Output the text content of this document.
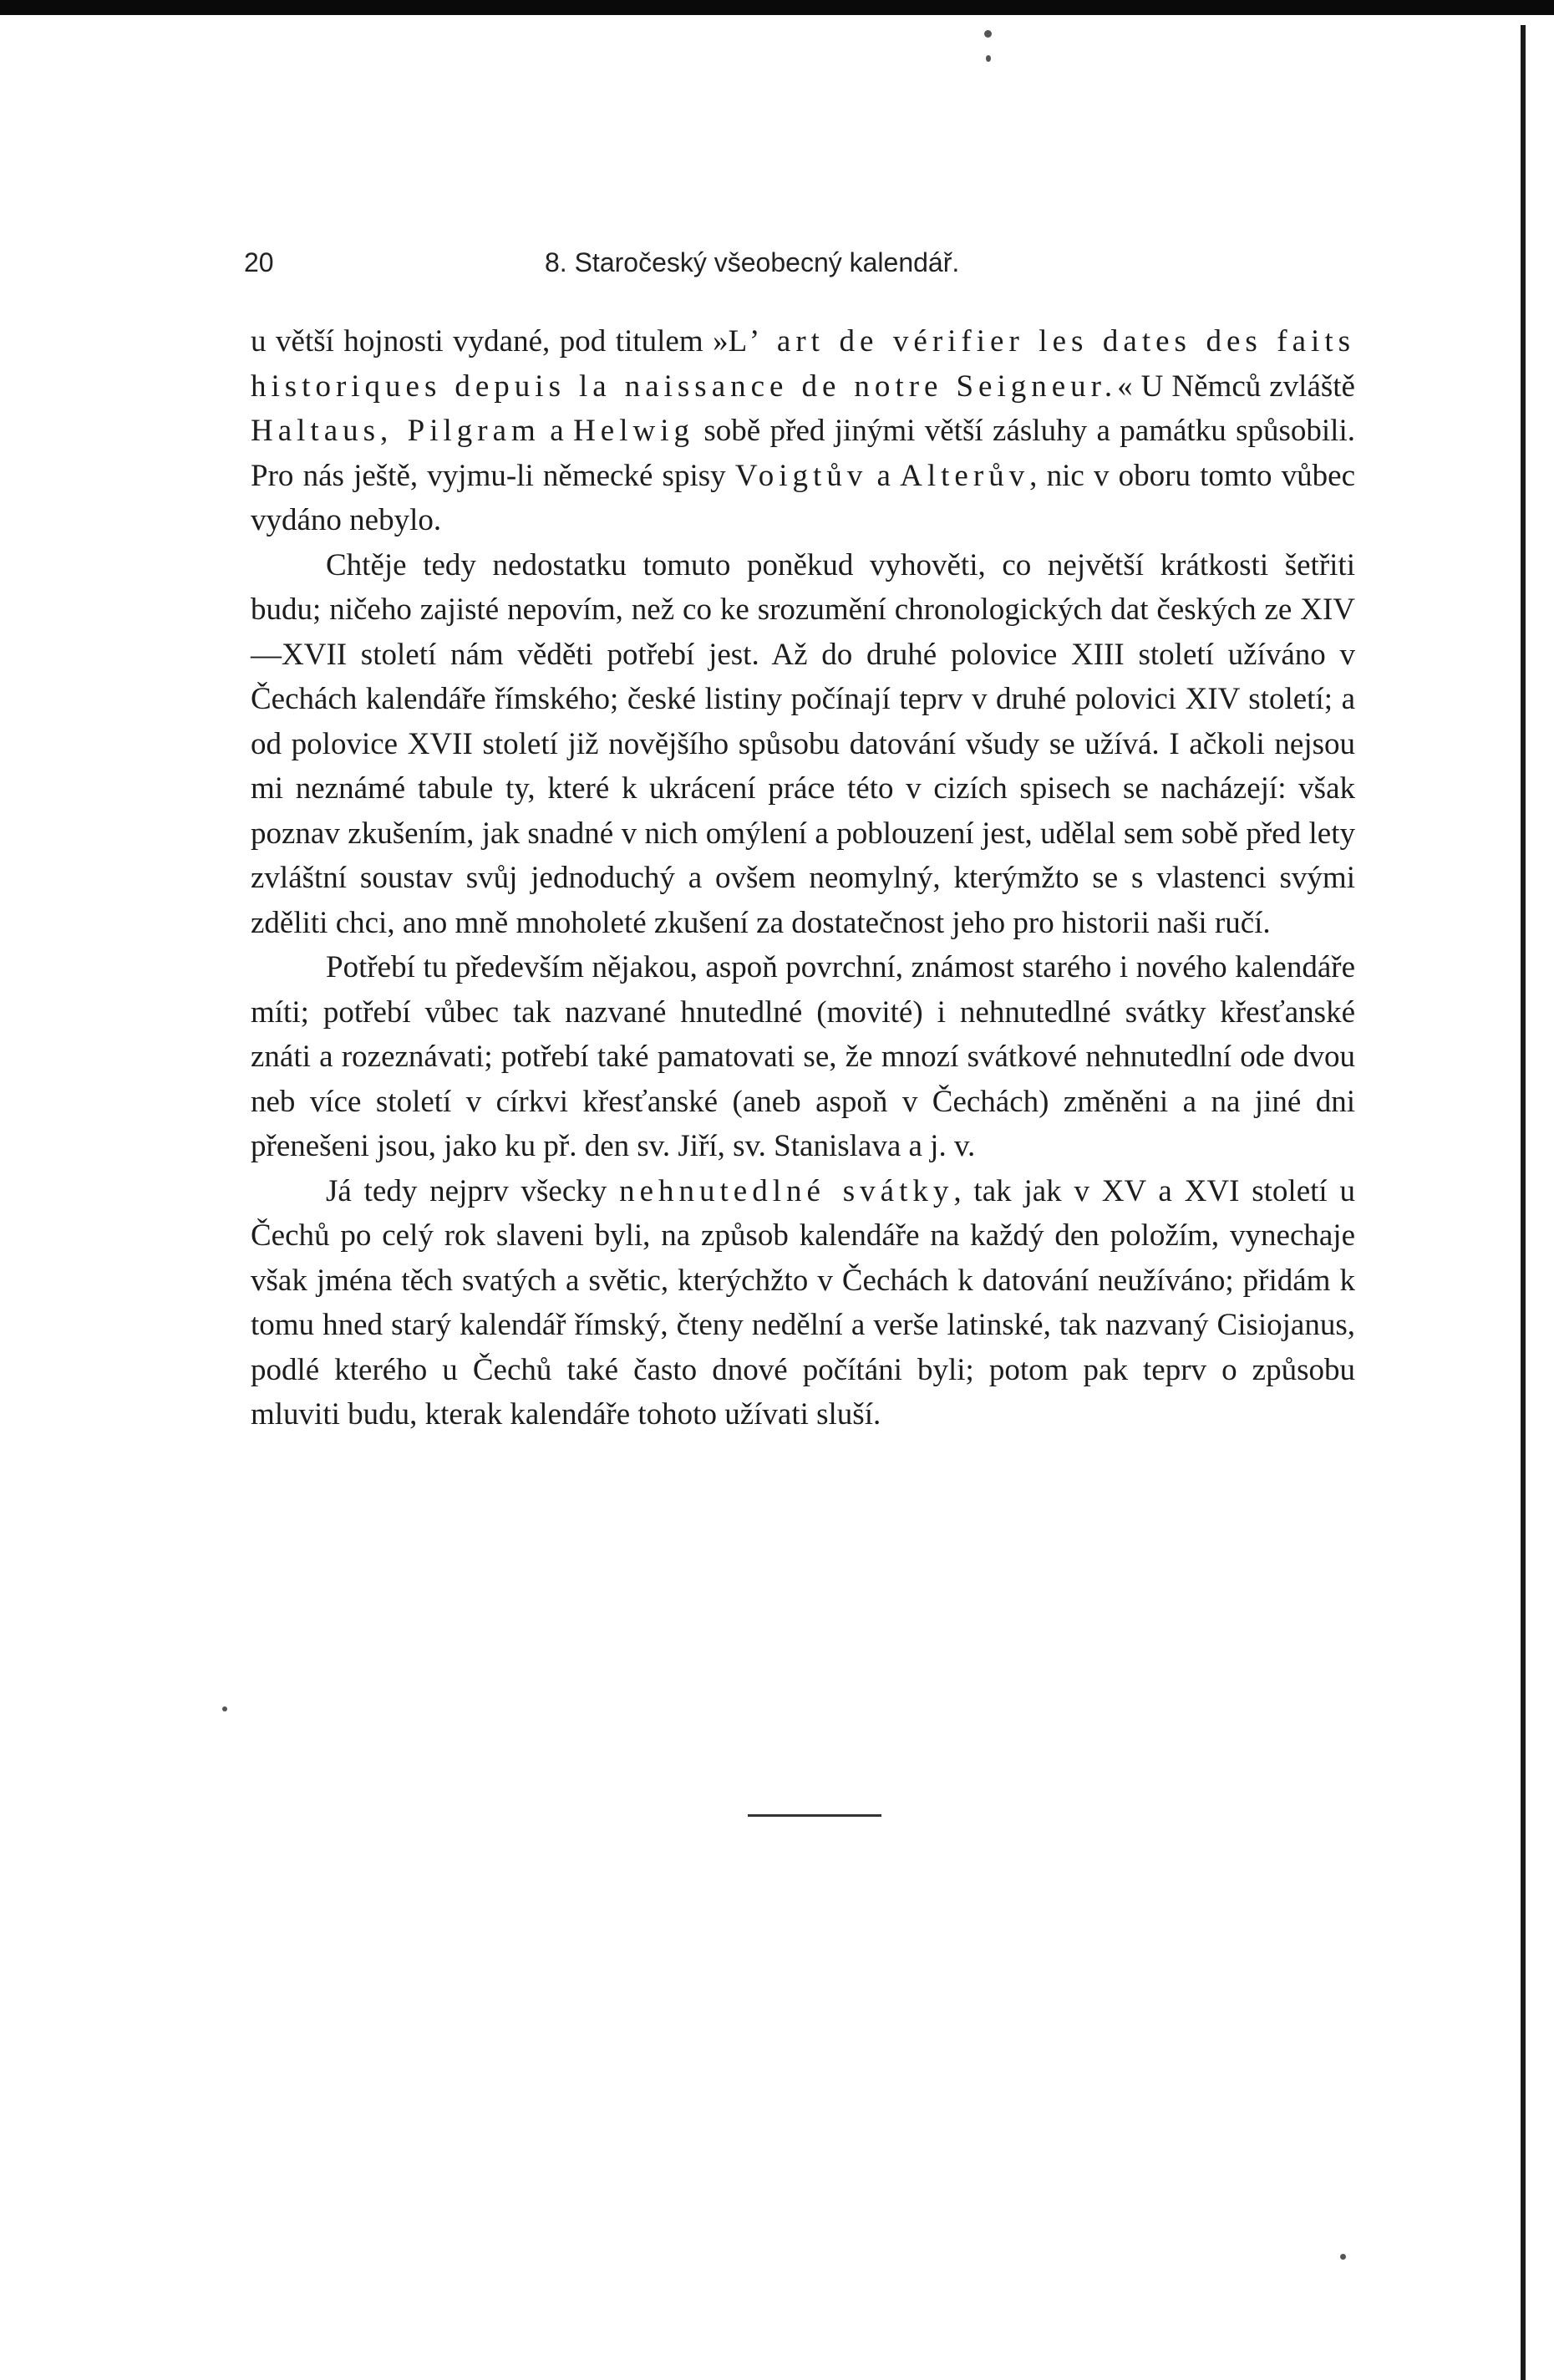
20	8. Staročeský všeobecný kalendář.

u větší hojnosti vydané, pod titulem »L’ art de vérifier les dates des faits historiques depuis la naissance de notre Seigneur.« U Němců zvláště Haltaus, Pilgram a Helwig sobě před jinými větší zásluhy a památku spůsobili. Pro nás ještě, vyjmu-li německé spisy Voigtův a Alterův, nic v oboru tomto vůbec vydáno nebylo.

Chtěje tedy nedostatku tomuto poněkud vyhověti, co největší krátkosti šetřiti budu; ničeho zajisté nepovím, než co ke srozumění chronologických dat českých ze XIV—XVII století nám věděti potřebí jest. Až do druhé polovice XIII století užíváno v Čechách kalendáře římského; české listiny počínají teprv v druhé polovici XIV století; a od polovice XVII století již novějšího spůsobu datování všudy se užívá. I ačkoli nejsou mi neznámé tabule ty, které k ukrácení práce této v cizích spisech se nacházejí: však poznav zkušením, jak snadné v nich omýlení a poblouzení jest, udělal sem sobě před lety zvláštní soustav svůj jednoduchý a ovšem neomylný, kterýmžto se s vlastenci svými zděliti chci, ano mně mnoholeté zkušení za dostatečnost jeho pro historii naši ručí.

Potřebí tu především nějakou, aspoň povrchní, známost starého i nového kalendáře míti; potřebí vůbec tak nazvané hnutedlné (movité) i nehnutedlné svátky křesťanské znáti a rozeznávati; potřebí také pamatovati se, že mnozí svátkové nehnutedlní ode dvou neb více století v církvi křesťanské (aneb aspoň v Čechách) změněni a na jiné dni přenešeni jsou, jako ku př. den sv. Jiří, sv. Stanislava a j. v.

Já tedy nejprv všecky nehnutedlné svátky, tak jak v XV a XVI století u Čechů po celý rok slaveni byli, na způsob kalendáře na každý den položím, vynechaje však jména těch svatých a světic, kterýchžto v Čechách k datování neužíváno; přidám k tomu hned starý kalendář římský, čteny nedělní a verše latinské, tak nazvaný Cisiojanus, podlé kterého u Čechů také často dnové počítáni byli; potom pak teprv o způsobu mluviti budu, kterak kalendáře tohoto užívati sluší.
